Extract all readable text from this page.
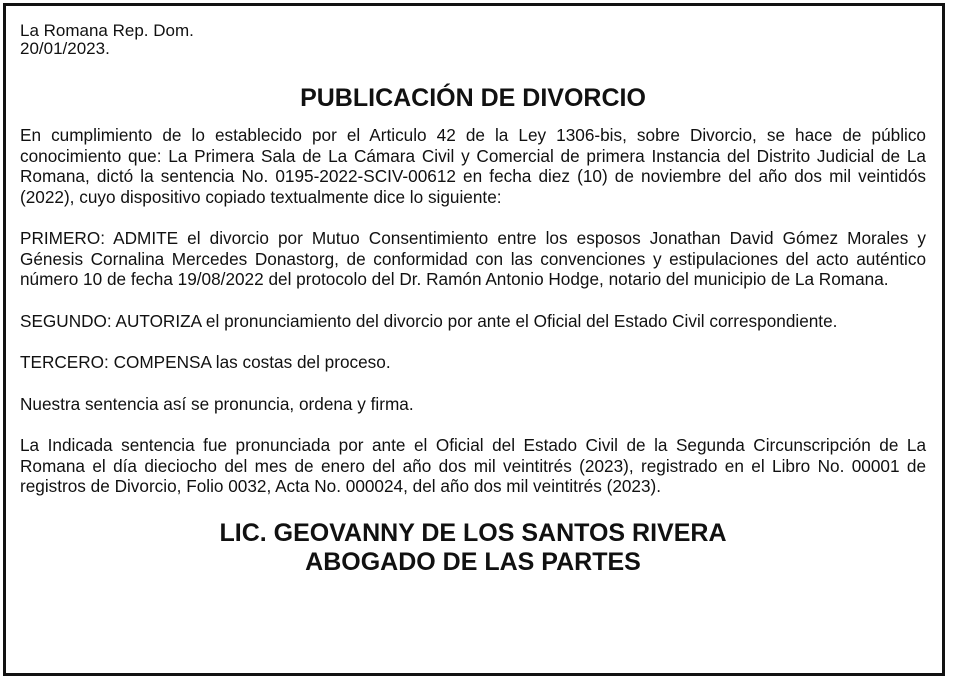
La Romana Rep. Dom.
20/01/2023.
PUBLICACIÓN DE DIVORCIO

En cumplimiento de lo establecido por el Articulo 42 de la Ley 1306-bis, sobre Divorcio, se hace de público conocimiento que: La Primera Sala de La Cámara Civil y Comercial de primera Instancia del Distrito Judicial de La Romana, dictó la sentencia No. 0195-2022-SCIV-00612 en fecha diez (10) de noviembre del año dos mil veintidós (2022), cuyo dispositivo copiado textualmente dice lo siguiente:

PRIMERO: ADMITE el divorcio por Mutuo Consentimiento entre los esposos Jonathan David Gómez Morales y Génesis Cornalina Mercedes Donastorg, de conformidad con las convenciones y estipulaciones del acto auténtico número 10 de fecha 19/08/2022 del protocolo del Dr. Ramón Antonio Hodge, notario del municipio de La Romana.

SEGUNDO: AUTORIZA el pronunciamiento del divorcio por ante el Oficial del Estado Civil correspondiente.

TERCERO: COMPENSA las costas del proceso.

Nuestra sentencia así se pronuncia, ordena y firma.

La Indicada sentencia fue pronunciada por ante el Oficial del Estado Civil de la Segunda Circunscripción de La Romana el día dieciocho del mes de enero del año dos mil veintitrés (2023), registrado en el Libro No. 00001 de registros de Divorcio, Folio 0032, Acta No. 000024, del año dos mil veintitrés (2023).

LIC. GEOVANNY DE LOS SANTOS RIVERA
ABOGADO DE LAS PARTES
